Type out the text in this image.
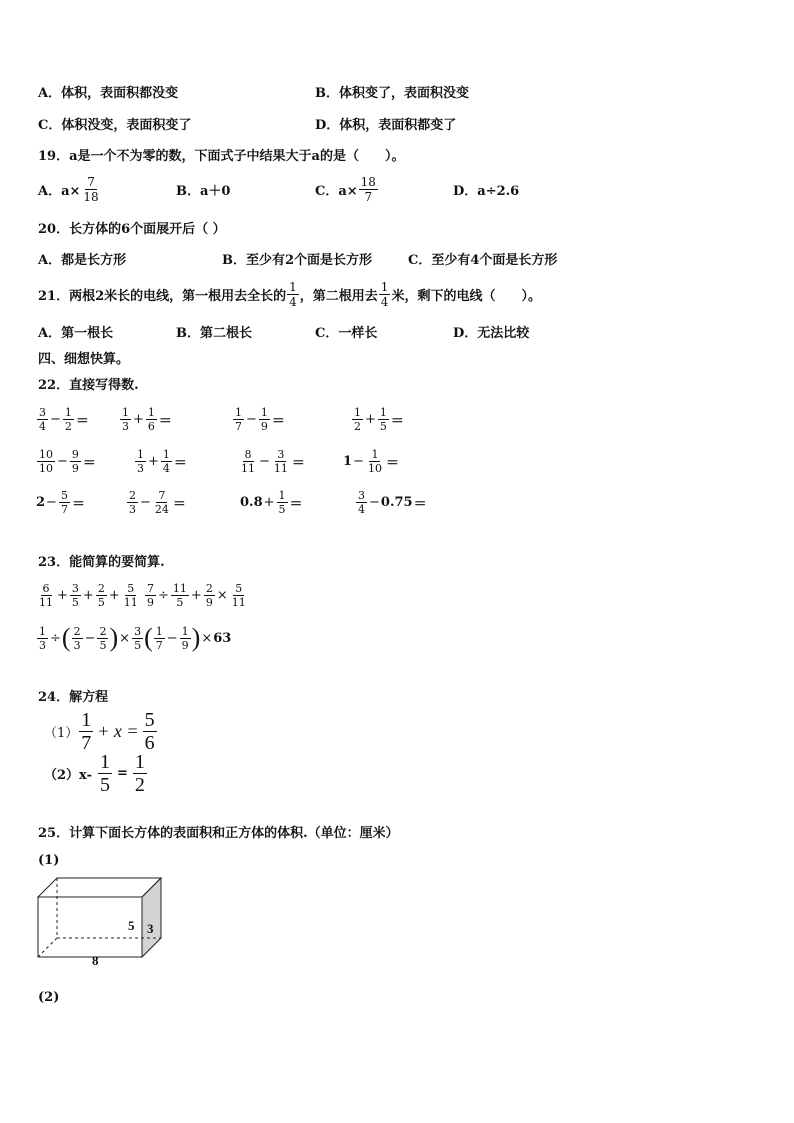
A．体积，表面积都没变	B．体积变了，表面积没变
C．体积没变，表面积变了	D．体积，表面积都变了
19．a是一个不为零的数，下面式子中结果大于a的是（　　）。
A．$a\times \frac{7}{18}$	B．a＋0	C．$a\times \frac{18}{7}$	D．a÷2.6
20．长方体的6个面展开后（ ）
A．都是长方形	B．至少有2个面是长方形	C．至少有4个面是长方形
21．两根2米长的电线，第一根用去全长的 $\frac{1}{4}$ ，第二根用去 $\frac{1}{4}$ 米，剩下的电线（　　）。
A．第一根长	B．第二根长	C．一样长	D．无法比较
四、细想快算。
22．直接写得数.
$\frac{3}{4} - \frac{1}{2}$ ＝	$\frac{1}{3} + \frac{1}{6}$ ＝	$\frac{1}{7} - \frac{1}{9}$ ＝	$\frac{1}{2} + \frac{1}{5}$ ＝
$\frac{10}{10} - \frac{9}{9}$ ＝	$\frac{1}{3} + \frac{1}{4}$ ＝	$\frac{8}{11} - \frac{3}{11}$ ＝	$1 - \frac{1}{10}$ ＝
$2 - \frac{5}{7}$ ＝	$\frac{2}{3} - \frac{7}{24}$ ＝	$0.8 + \frac{1}{5}$ ＝	$\frac{3}{4} - 0.75$ ＝
23．能简算的要简算.
$\frac{6}{11} + \frac{3}{5} + \frac{2}{5} + \frac{5}{11} \frac{7}{9} \div \frac{11}{5} + \frac{2}{9} \times \frac{5}{11}$
$\frac{1}{3}$ ÷ ( $\frac{2}{3} - \frac{2}{5}$ ) × $\frac{3}{5}$ ( $\frac{1}{7} - \frac{1}{9}$ ) × 63
24．解方程
$(1) \frac{1}{7} + x = \frac{5}{6}$
$(2)x- \frac{1}{5} = \frac{1}{2}$
25．计算下面长方体的表面积和正方体的体积.（单位：厘米）
(1)
5 3
8
(2)
